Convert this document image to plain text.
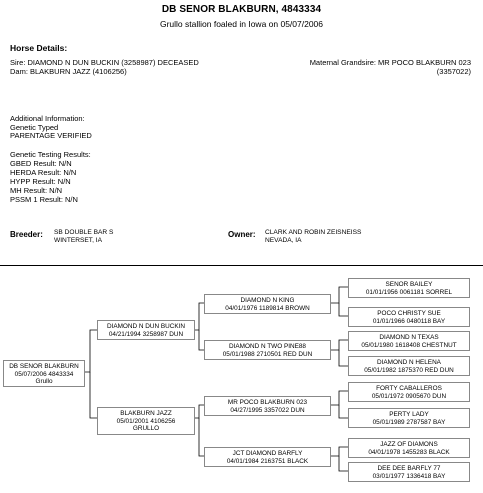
DB SENOR BLAKBURN, 4843334
Grullo stallion foaled in Iowa on 05/07/2006
Horse Details:
Sire: DIAMOND N DUN BUCKIN (3258987) DECEASED
Dam: BLAKBURN JAZZ (4106256)
Maternal Grandsire: MR POCO BLAKBURN 023
(3357022)
Additional Information:
Genetic Typed
PARENTAGE VERIFIED
Genetic Testing Results:
GBED Result: N/N
HERDA Result: N/N
HYPP Result: N/N
MH Result: N/N
PSSM 1 Result: N/N
Breeder: SB DOUBLE BAR S
WINTERSET, IA
Owner: CLARK AND ROBIN ZEISNEISS
NEVADA, IA
DB SENOR BLAKBURN
05/07/2006 4843334
Grullo
DIAMOND N DUN BUCKIN
04/21/1994 3258987 DUN
BLAKBURN JAZZ
05/01/2001 4106256
GRULLO
DIAMOND N KING
04/01/1976 1189814 BROWN
DIAMOND N TWO PINE88
05/01/1988 2710501 RED DUN
MR POCO BLAKBURN 023
04/27/1995 3357022 DUN
JCT DIAMOND BARFLY
04/01/1984 2163751 BLACK
SENOR BAILEY
01/01/1956 0061181 SORREL
POCO CHRISTY SUE
01/01/1966 0480118 BAY
DIAMOND N TEXAS
05/01/1980 1618408 CHESTNUT
DIAMOND N HELENA
05/01/1982 1875370 RED DUN
FORTY CABALLEROS
05/01/1972 0905670 DUN
PERTY LADY
05/01/1989 2787587 BAY
JAZZ OF DIAMONS
04/01/1978 1455283 BLACK
DEE DEE BARFLY 77
03/01/1977 1336418 BAY
